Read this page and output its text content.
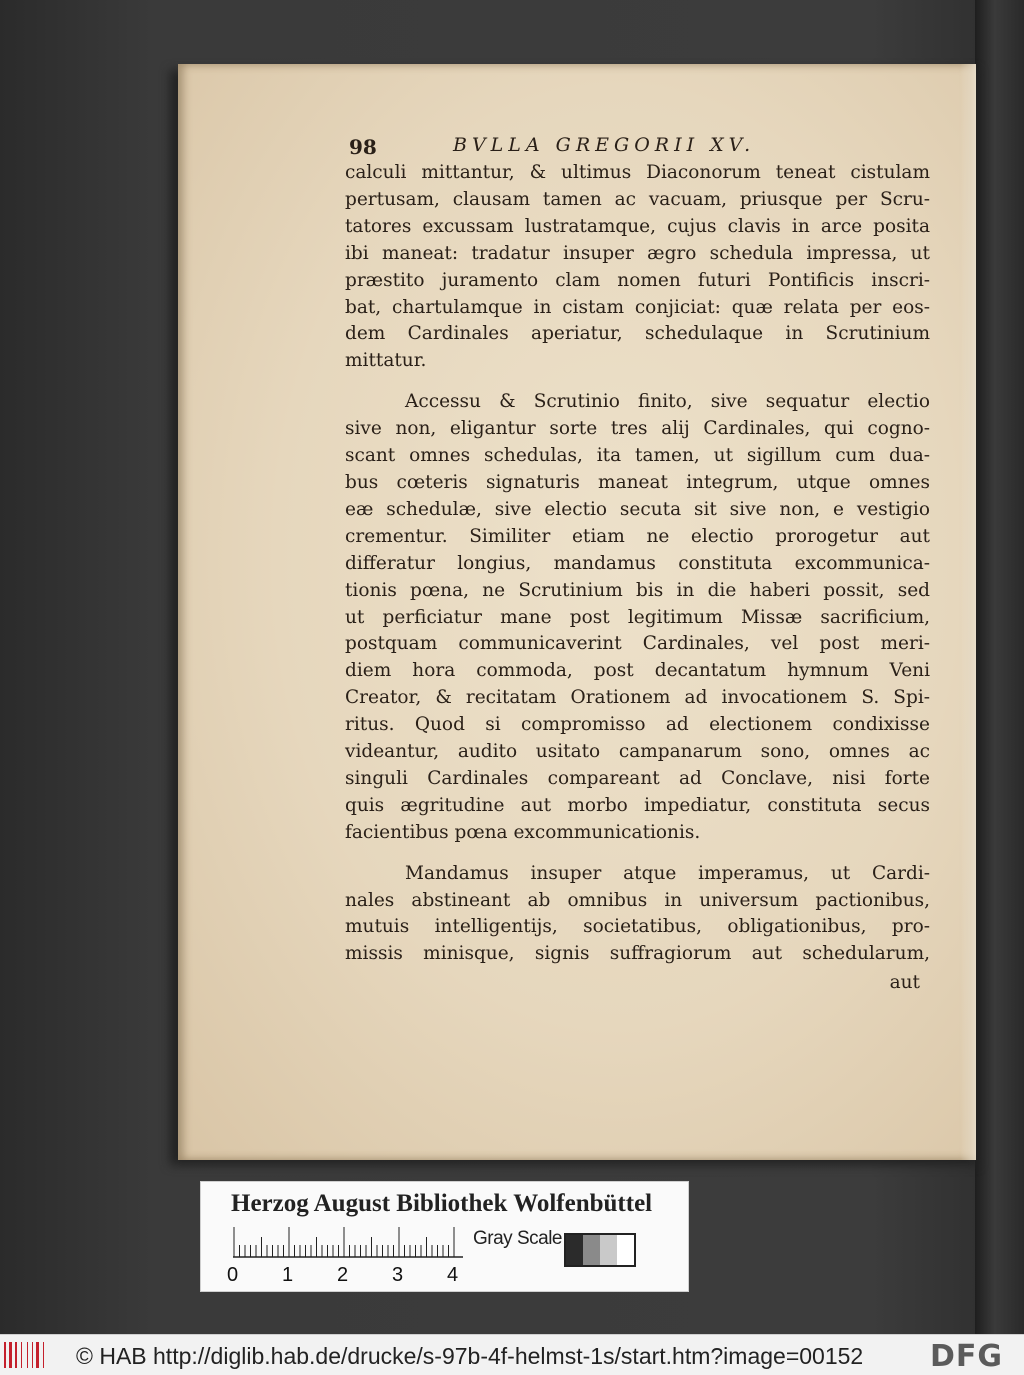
98	BVLLA GREGORII XV.
calculi mittantur, & ultimus Diaconorum teneat cistulam
pertusam, clausam tamen ac vacuam, priusque per Scru-
tatores excussam lustratamque, cujus clavis in arce posita
ibi maneat: tradatur insuper ægro schedula impressa, ut
præstito juramento clam nomen futuri Pontificis inscri-
bat, chartulamque in cistam conjiciat: quæ relata per eos-
dem Cardinales aperiatur, schedulaque in Scrutinium
mittatur.
Accessu & Scrutinio finito, sive sequatur electio
sive non, eligantur sorte tres alij Cardinales, qui cogno-
scant omnes schedulas, ita tamen, ut sigillum cum dua-
bus cœteris signaturis maneat integrum, utque omnes
eæ schedulæ, sive electio secuta sit sive non, e vestigio
crementur. Similiter etiam ne electio prorogetur aut
differatur longius, mandamus constituta excommunica-
tionis pœna, ne Scrutinium bis in die haberi possit, sed
ut perficiatur mane post legitimum Missæ sacrificium,
postquam communicaverint Cardinales, vel post meri-
diem hora commoda, post decantatum hymnum Veni
Creator, & recitatam Orationem ad invocationem S. Spi-
ritus. Quod si compromisso ad electionem condixisse
videantur, audito usitato campanarum sono, omnes ac
singuli Cardinales compareant ad Conclave, nisi forte
quis ægritudine aut morbo impediatur, constituta secus
facientibus pœna excommunicationis.
Mandamus insuper atque imperamus, ut Cardi-
nales abstineant ab omnibus in universum pactionibus,
mutuis intelligentijs, societatibus, obligationibus, pro-
missis minisque, signis suffragiorum aut schedularum,
aut
Herzog August Bibliothek Wolfenbüttel
0 1 2 3 4
Gray Scale
© HAB http://diglib.hab.de/drucke/s-97b-4f-helmst-1s/start.htm?image=00152 DFG
